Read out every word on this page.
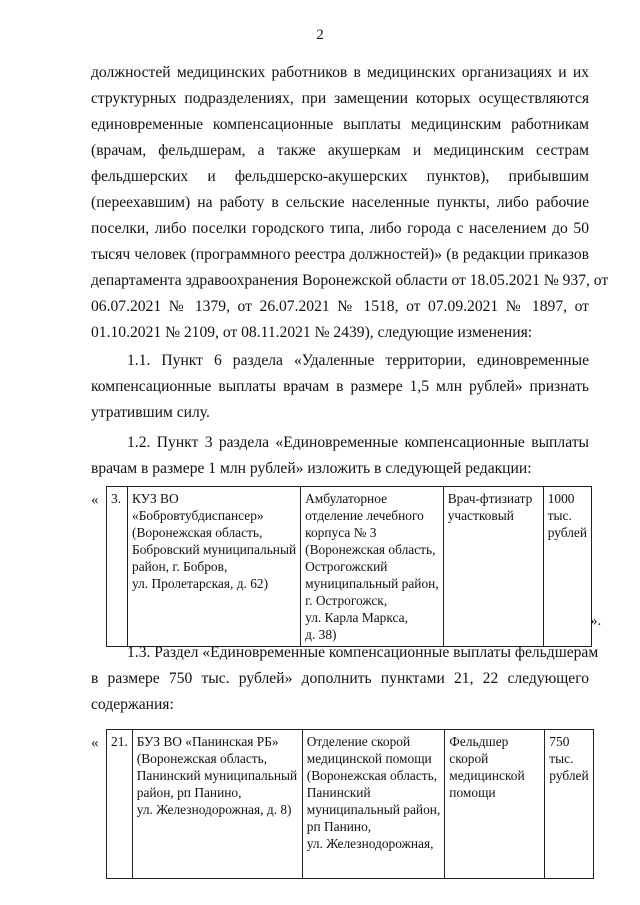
2
должностей медицинских работников в медицинских организациях и их
структурных подразделениях, при замещении которых осуществляются
единовременные компенсационные выплаты медицинским работникам
(врачам, фельдшерам, а также акушеркам и медицинским сестрам
фельдшерских и фельдшерско-акушерских пунктов), прибывшим
(переехавшим) на работу в сельские населенные пункты, либо рабочие
поселки, либо поселки городского типа, либо города с населением до 50
тысяч человек (программного реестра должностей)» (в редакции приказов
департамента здравоохранения Воронежской области от 18.05.2021 № 937, от
06.07.2021 № 1379, от 26.07.2021 № 1518, от 07.09.2021 № 1897, от
01.10.2021 № 2109, от 08.11.2021 № 2439), следующие изменения:
1.1. Пункт 6 раздела «Удаленные территории, единовременные
компенсационные выплаты врачам в размере 1,5 млн рублей» признать
утратившим силу.
1.2. Пункт 3 раздела «Единовременные компенсационные выплаты
врачам в размере 1 млн рублей» изложить в следующей редакции:
« 3.	КУЗ ВО
«Бобровтубдиспансер»
(Воронежская область,
Бобровский муниципальный
район, г. Бобров,
ул. Пролетарская, д. 62)

Амбулаторное
отделение лечебного
корпуса № 3
(Воронежская область,
Острогожский
муниципальный район,
г. Острогожск,
ул. Карла Маркса,
д. 38)

Врач-фтизиатр
участковый

1000
тыс.
рублей
».
1.3. Раздел «Единовременные компенсационные выплаты фельдшерам
в размере 750 тыс. рублей» дополнить пунктами 21, 22 следующего
содержания:
« 21.	БУЗ ВО «Панинская РБ»
(Воронежская область,
Панинский муниципальный
район, рп Панино,
ул. Железнодорожная, д. 8)

Отделение скорой
медицинской помощи
(Воронежская область,
Панинский
муниципальный район,
рп Панино,
ул. Железнодорожная,

Фельдшер
скорой
медицинской
помощи

750
тыс.
рублей
